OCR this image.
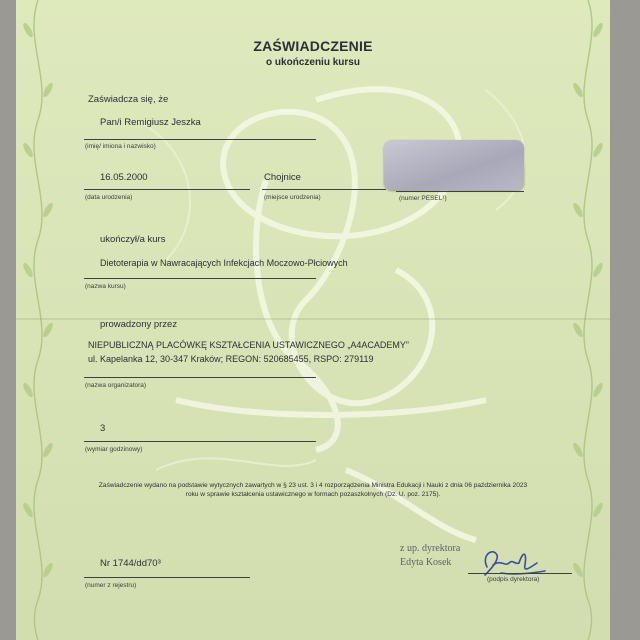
ZAŚWIADCZENIE
o ukończeniu kursu
Zaświadcza się, że
Pan/i Remigiusz Jeszka
(imię/ imiona i nazwisko)
16.05.2000
(data urodzenia)
Chojnice
(miejsce urodzenia)	(numer PESEL¹)
ukończył/a kurs
Dietoterapia w Nawracających Infekcjach Moczowo-Płciowych
(nazwa kursu)
prowadzony przez
NIEPUBLICZNĄ PLACÓWKĘ KSZTAŁCENIA USTAWICZNEGO „A4ACADEMY”
ul. Kapelanka 12, 30-347 Kraków; REGON: 520685455, RSPO: 279119
(nazwa organizatora)
3
(wymiar godzinowy)
Zaświadczenie wydano na podstawie wytycznych zawartych w § 23 ust. 3 i 4 rozporządzenia Ministra Edukacji i Nauki z dnia 06 października 2023
roku w sprawie kształcenia ustawicznego w formach pozaszkolnych (Dz. U. poz. 2175).
z up. dyrektora
Edyta Kosek
Nr 1744/dd70³
(numer z rejestru)
(podpis dyrektora)
